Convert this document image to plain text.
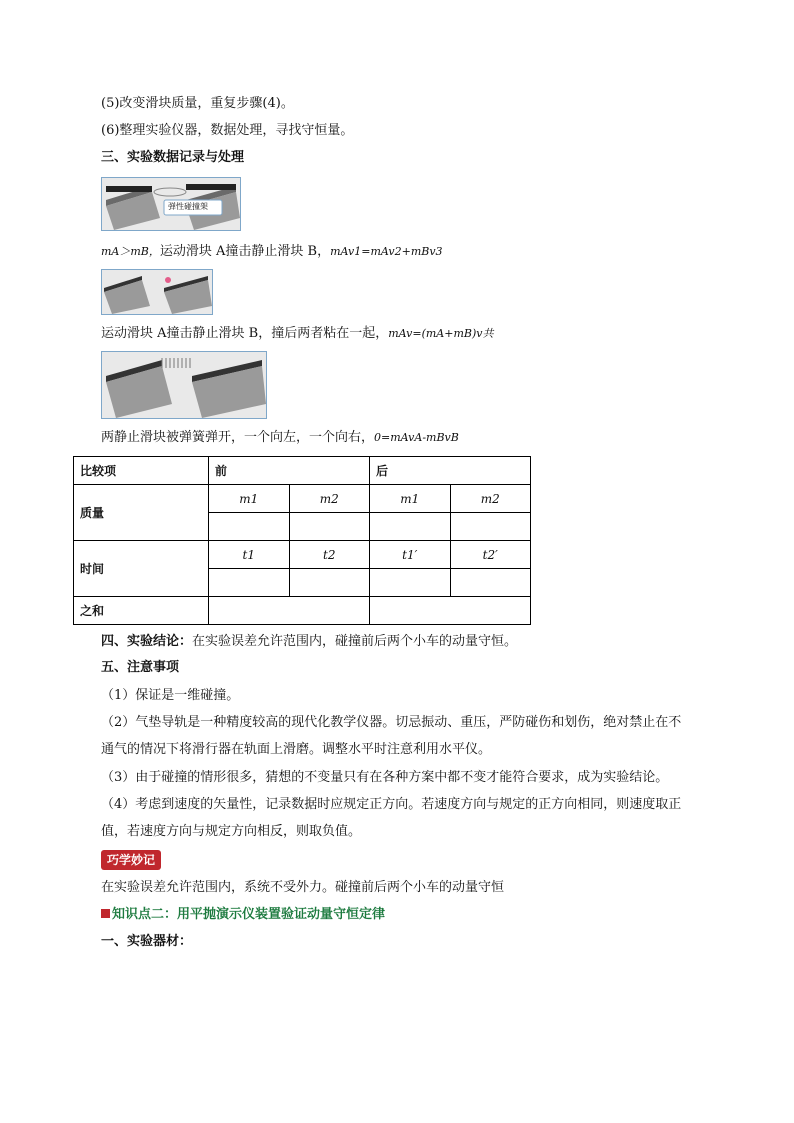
(5)改变滑块质量，重复步骤(4)。
(6)整理实验仪器，数据处理，寻找守恒量。
三、实验数据记录与处理
弹性碰撞架
mA＞mB，运动滑块 A撞击静止滑块 B，mAv1=mAv2+mBv3
运动滑块 A撞击静止滑块 B，撞后两者粘在一起，mAv=(mA+mB)v共
两静止滑块被弹簧弹开，一个向左，一个向右，0=mAvA-mBvB
比较项	前		后	
质量	m1	m2	m1	m2

时间	t1	t2	t1′	t2′

之和				
四、实验结论：在实验误差允许范围内，碰撞前后两个小车的动量守恒。
五、注意事项
（1）保证是一维碰撞。
（2）气垫导轨是一种精度较高的现代化教学仪器。切忌振动、重压，严防碰伤和划伤，绝对禁止在不
通气的情况下将滑行器在轨面上滑磨。调整水平时注意利用水平仪。
（3）由于碰撞的情形很多，猜想的不变量只有在各种方案中都不变才能符合要求，成为实验结论。
（4）考虑到速度的矢量性，记录数据时应规定正方向。若速度方向与规定的正方向相同，则速度取正
值，若速度方向与规定方向相反，则取负值。
巧学妙记
在实验误差允许范围内，系统不受外力。碰撞前后两个小车的动量守恒
知识点二：用平抛演示仪装置验证动量守恒定律
一、实验器材：
